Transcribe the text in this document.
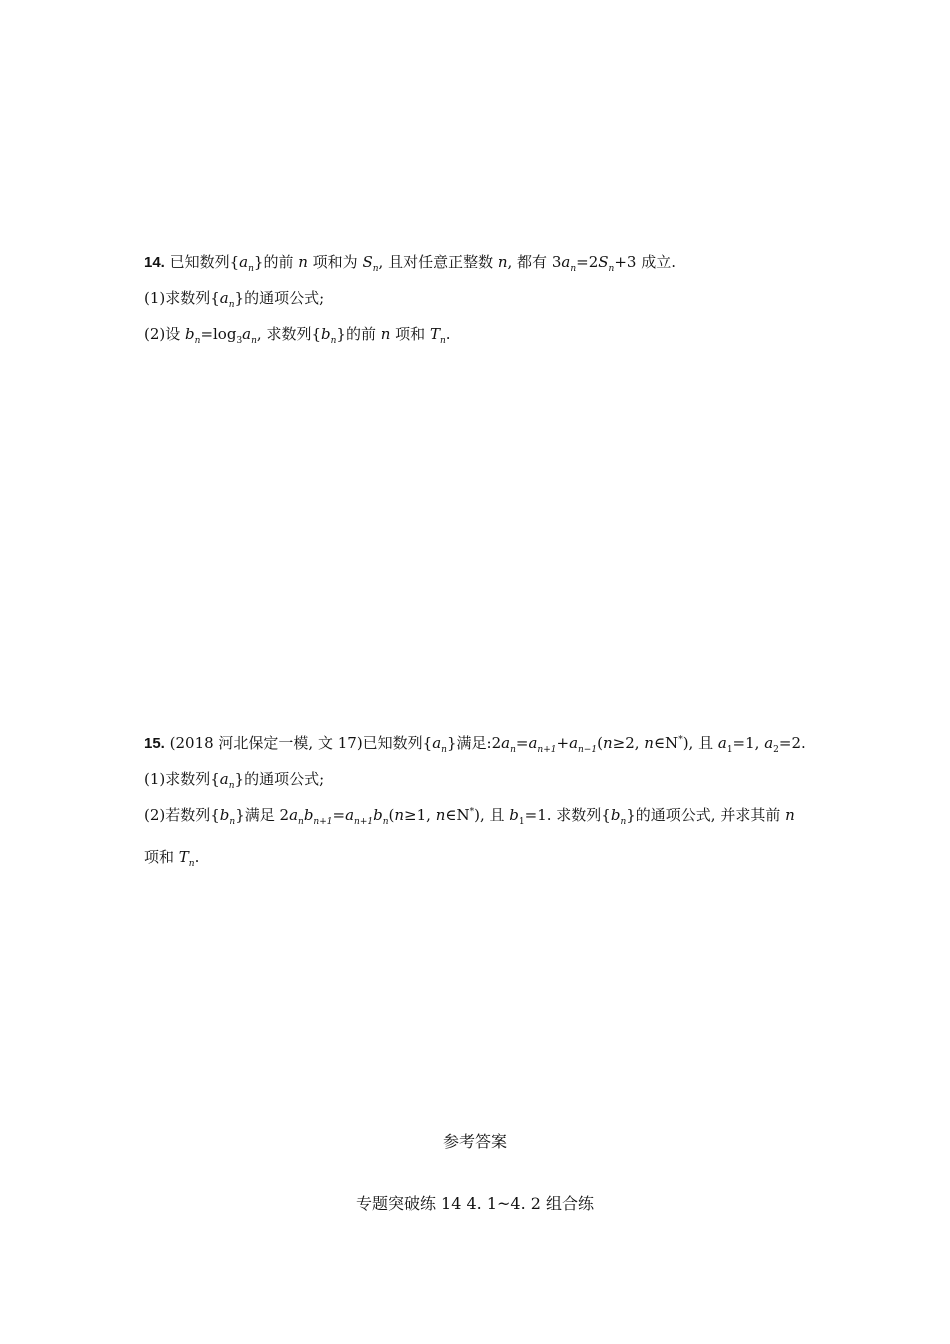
14. 已知数列$\{a_n\}$的前 n 项和为 $S_n$, 且对任意正整数 n, 都有 $3a_n=2S_n+3$ 成立.
(1)求数列$\{a_n\}$的通项公式;
(2)设 $b_n=\log_3a_n$, 求数列$\{b_n\}$的前 n 项和 $T_n$.
15. (2018 河北保定一模, 文 17)已知数列$\{a_n\}$满足$:2a_n=a_{n+1}+a_{n-1}(n\ge 2$, n∈N*), 且 $a_1=1$, $a_2=2$.
(1)求数列$\{a_n\}$的通项公式;
(2)若数列$\{b_n\}$满足 $2a_nb_{n+1}=a_{n+1}b_n(n\ge 1$, n∈N*), 且 $b_1=1$. 求数列$\{b_n\}$的通项公式, 并求其前 n
项和 $T_n$.
参考答案
专题突破练 14 4. 1~4. 2 组合练
